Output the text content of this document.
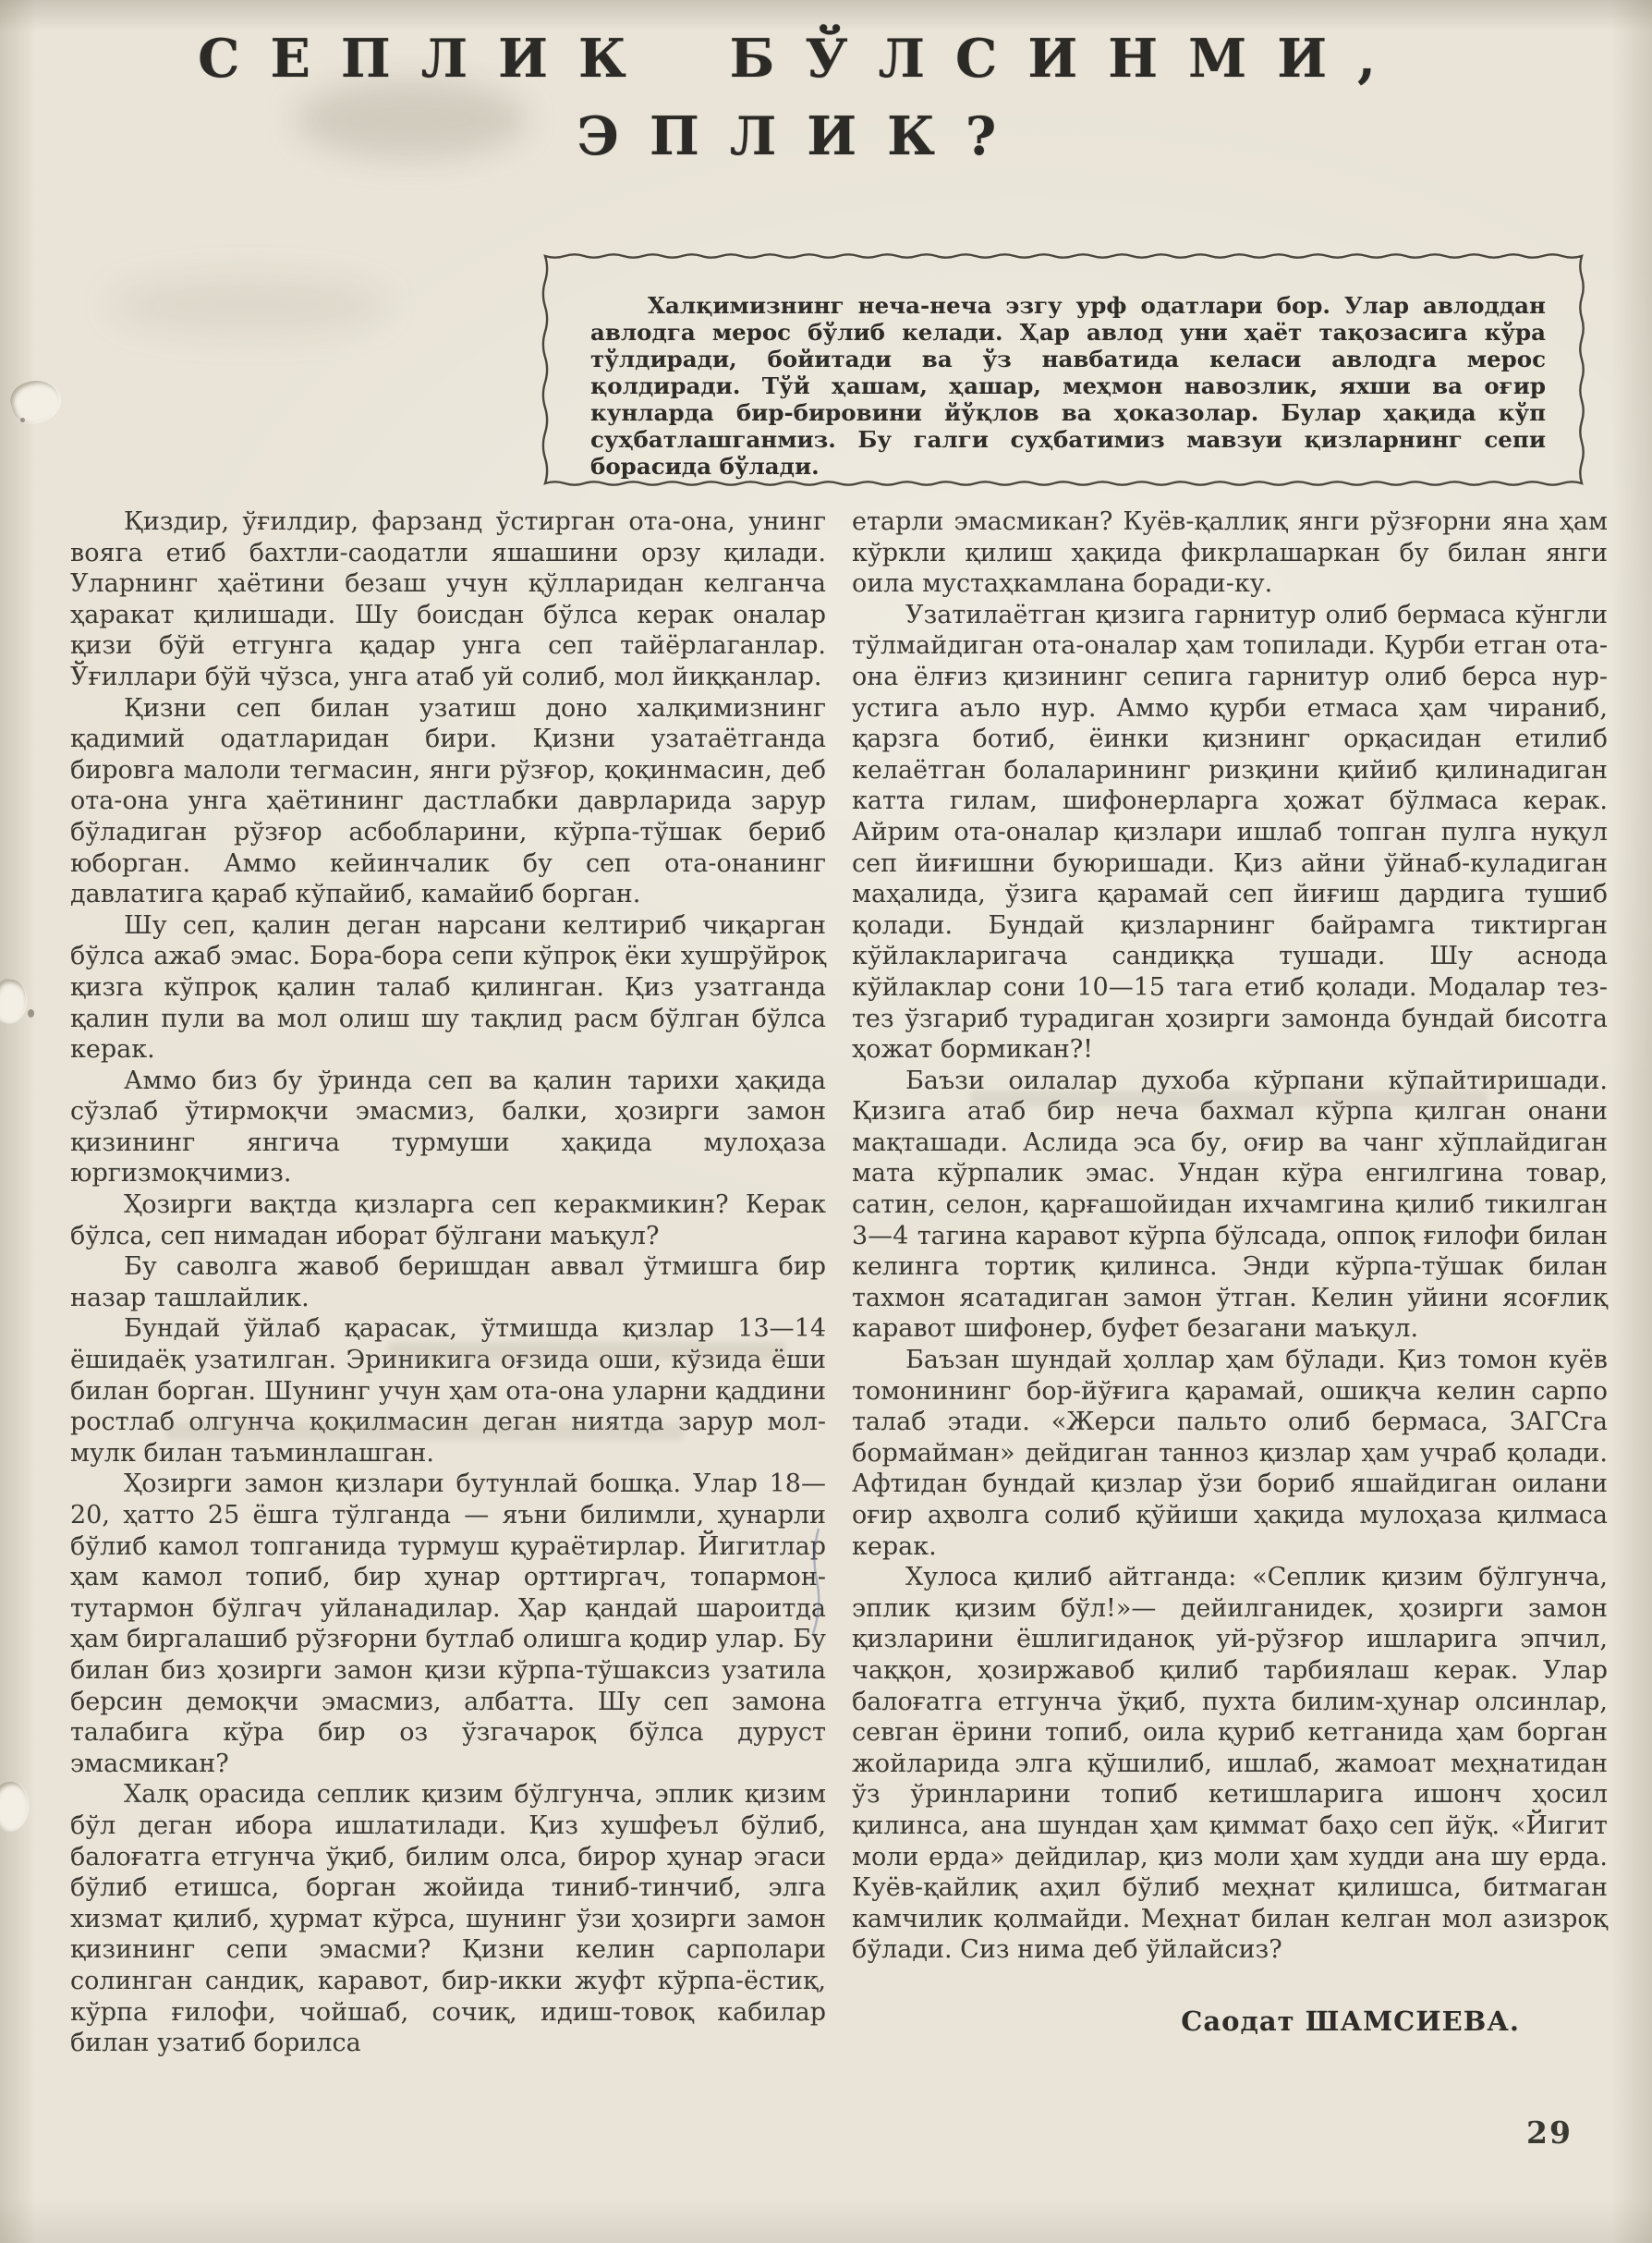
СЕПЛИК БЎЛСИНМИ,
ЭПЛИК?

Халқимизнинг неча-неча эзгу урф одатлари бор. Улар авлоддан авлодга мерос бўлиб келади. Ҳар авлод уни ҳаёт тақозасига кўра тўлдиради, бойитади ва ўз навбатида келаси авлодга мерос қолдиради. Тўй ҳашам, ҳашар, меҳмон навозлик, яхши ва оғир кунларда бир-бировини йўқлов ва ҳоказолар. Булар ҳақида кўп суҳбатлашганмиз. Бу галги суҳбатимиз мавзуи қизларнинг сепи борасида бўлади.

Қиздир, ўғилдир, фарзанд ўстирган ота-она, унинг вояга етиб бахтли-саодатли яшашини орзу қилади. Уларнинг ҳаётини безаш учун қўлларидан келганча ҳаракат қилишади. Шу боисдан бўлса керак оналар қизи бўй етгунга қадар унга сеп тайёрлаганлар. Ўғиллари бўй чўзса, унга атаб уй солиб, мол йиққанлар.

Қизни сеп билан узатиш доно халқимизнинг қадимий одатларидан бири. Қизни узатаётганда бировга малоли тегмасин, янги рўзғор, қоқинмасин, деб ота-она унга ҳаётининг дастлабки даврларида зарур бўладиган рўзғор асбобларини, кўрпа-тўшак бериб юборган. Аммо кейинчалик бу сеп ота-онанинг давлатига қараб кўпайиб, камайиб борган.

Шу сеп, қалин деган нарсани келтириб чиқарган бўлса ажаб эмас. Бора-бора сепи кўпроқ ёки хушрўйроқ қизга кўпроқ қалин талаб қилинган. Қиз узатганда қалин пули ва мол олиш шу тақлид расм бўлган бўлса керак.

Аммо биз бу ўринда сеп ва қалин тарихи ҳақида сўзлаб ўтирмоқчи эмасмиз, балки, ҳозирги замон қизининг янгича турмуши ҳақида мулоҳаза юргизмоқчимиз.

Ҳозирги вақтда қизларга сеп керакмикин? Керак бўлса, сеп нимадан иборат бўлгани маъқул?

Бу саволга жавоб беришдан аввал ўтмишга бир назар ташлайлик.

Бундай ўйлаб қарасак, ўтмишда қизлар 13—14 ёшидаёқ узатилган. Эриникига оғзида оши, кўзида ёши билан борган. Шунинг учун ҳам ота-она уларни қаддини ростлаб олгунча қоқилмасин деган ниятда зарур мол-мулк билан таъминлашган.

Ҳозирги замон қизлари бутунлай бошқа. Улар 18—20, ҳатто 25 ёшга тўлганда — яъни билимли, ҳунарли бўлиб камол топганида турмуш қураётирлар. Йигитлар ҳам камол топиб, бир ҳунар орттиргач, топармон-тутармон бўлгач уйланадилар. Ҳар қандай шароитда ҳам биргалашиб рўзғорни бутлаб олишга қодир улар. Бу билан биз ҳозирги замон қизи кўрпа-тўшаксиз узатила берсин демоқчи эмасмиз, албатта. Шу сеп замона талабига кўра бир оз ўзгачароқ бўлса дуруст эмасмикан?

Халқ орасида сеплик қизим бўлгунча, эплик қизим бўл деган ибора ишлатилади. Қиз хушфеъл бўлиб, балоғатга етгунча ўқиб, билим олса, бирор ҳунар эгаси бўлиб етишса, борган жойида тиниб-тинчиб, элга хизмат қилиб, ҳурмат кўрса, шунинг ўзи ҳозирги замон қизининг сепи эмасми? Қизни келин сарполари солинган сандиқ, каравот, бир-икки жуфт кўрпа-ёстиқ, кўрпа ғилофи, чойшаб, сочиқ, идиш-товоқ кабилар билан узатиб борилса

етарли эмасмикан? Куёв-қаллиқ янги рўзғорни яна ҳам кўркли қилиш ҳақида фикрлашаркан бу билан янги оила мустаҳкамлана боради-ку.

Узатилаётган қизига гарнитур олиб бермаса кўнгли тўлмайдиган ота-оналар ҳам топилади. Қурби етган ота-она ёлғиз қизининг сепига гарнитур олиб берса нур-устига аъло нур. Аммо қурби етмаса ҳам чираниб, қарзга ботиб, ёинки қизнинг орқасидан етилиб келаётган болаларининг ризқини қийиб қилинадиган катта гилам, шифонерларга ҳожат бўлмаса керак. Айрим ота-оналар қизлари ишлаб топган пулга нуқул сеп йиғишни буюришади. Қиз айни ўйнаб-куладиган маҳалида, ўзига қарамай сеп йиғиш дардига тушиб қолади. Бундай қизларнинг байрамга тиктирган кўйлакларигача сандиққа тушади. Шу аснода кўйлаклар сони 10—15 тага етиб қолади. Модалар тез-тез ўзгариб турадиган ҳозирги замонда бундай бисотга ҳожат бормикан?!

Баъзи оилалар духоба кўрпани кўпайтиришади. Қизига атаб бир неча бахмал кўрпа қилган онани мақташади. Аслида эса бу, оғир ва чанг хўплайдиган мата кўрпалик эмас. Ундан кўра енгилгина товар, сатин, селон, қарғашойидан ихчамгина қилиб тикилган 3—4 тагина каравот кўрпа бўлсада, оппоқ ғилофи билан келинга тортиқ қилинса. Энди кўрпа-тўшак билан тахмон ясатадиган замон ўтган. Келин уйини ясоғлиқ каравот шифонер, буфет безагани маъқул.

Баъзан шундай ҳоллар ҳам бўлади. Қиз томон куёв томонининг бор-йўғига қарамай, ошиқча келин сарпо талаб этади. «Жерси пальто олиб бермаса, ЗАГСга бормайман» дейдиган танноз қизлар ҳам учраб қолади. Афтидан бундай қизлар ўзи бориб яшайдиган оилани оғир аҳволга солиб қўйиши ҳақида мулоҳаза қилмаса керак.

Хулоса қилиб айтганда: «Сеплик қизим бўлгунча, эплик қизим бўл!»— дейилганидек, ҳозирги замон қизларини ёшлигиданоқ уй-рўзғор ишларига эпчил, чаққон, ҳозиржавоб қилиб тарбиялаш керак. Улар балоғатга етгунча ўқиб, пухта билим-ҳунар олсинлар, севган ёрини топиб, оила қуриб кетганида ҳам борган жойларида элга қўшилиб, ишлаб, жамоат меҳнатидан ўз ўринларини топиб кетишларига ишонч ҳосил қилинса, ана шундан ҳам қиммат баҳо сеп йўқ. «Йигит моли ерда» дейдилар, қиз моли ҳам худди ана шу ерда. Куёв-қайлиқ аҳил бўлиб меҳнат қилишса, битмаган камчилик қолмайди. Меҳнат билан келган мол азизроқ бўлади. Сиз нима деб ўйлайсиз?

Саодат ШАМСИЕВА.

29
